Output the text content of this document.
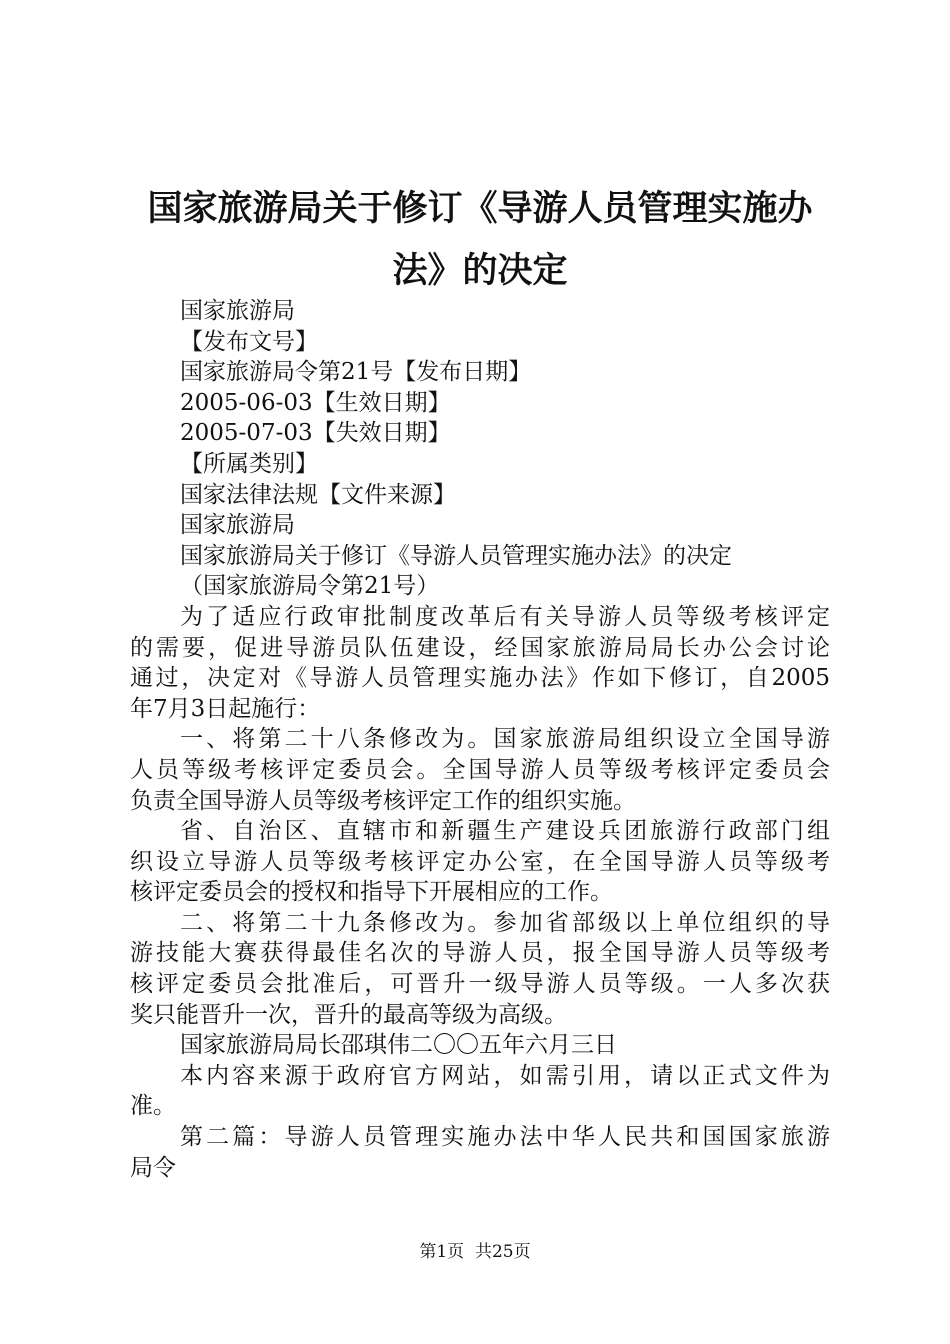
国家旅游局关于修订《导游人员管理实施办
法》的决定
国家旅游局
【发布文号】
国家旅游局令第21号【发布日期】
2005-06-03【生效日期】
2005-07-03【失效日期】
【所属类别】
国家法律法规【文件来源】
国家旅游局
国家旅游局关于修订《导游人员管理实施办法》的决定
（国家旅游局令第21号）
为了适应行政审批制度改革后有关导游人员等级考核评定
的需要，促进导游员队伍建设，经国家旅游局局长办公会讨论
通过，决定对《导游人员管理实施办法》作如下修订，自2005
年7月3日起施行：
一、将第二十八条修改为。国家旅游局组织设立全国导游
人员等级考核评定委员会。全国导游人员等级考核评定委员会
负责全国导游人员等级考核评定工作的组织实施。
省、自治区、直辖市和新疆生产建设兵团旅游行政部门组
织设立导游人员等级考核评定办公室，在全国导游人员等级考
核评定委员会的授权和指导下开展相应的工作。
二、将第二十九条修改为。参加省部级以上单位组织的导
游技能大赛获得最佳名次的导游人员，报全国导游人员等级考
核评定委员会批准后，可晋升一级导游人员等级。一人多次获
奖只能晋升一次，晋升的最高等级为高级。
国家旅游局局长邵琪伟二〇〇五年六月三日
本内容来源于政府官方网站，如需引用，请以正式文件为
准。
第二篇：导游人员管理实施办法中华人民共和国国家旅游
局令
第1页  共25页
